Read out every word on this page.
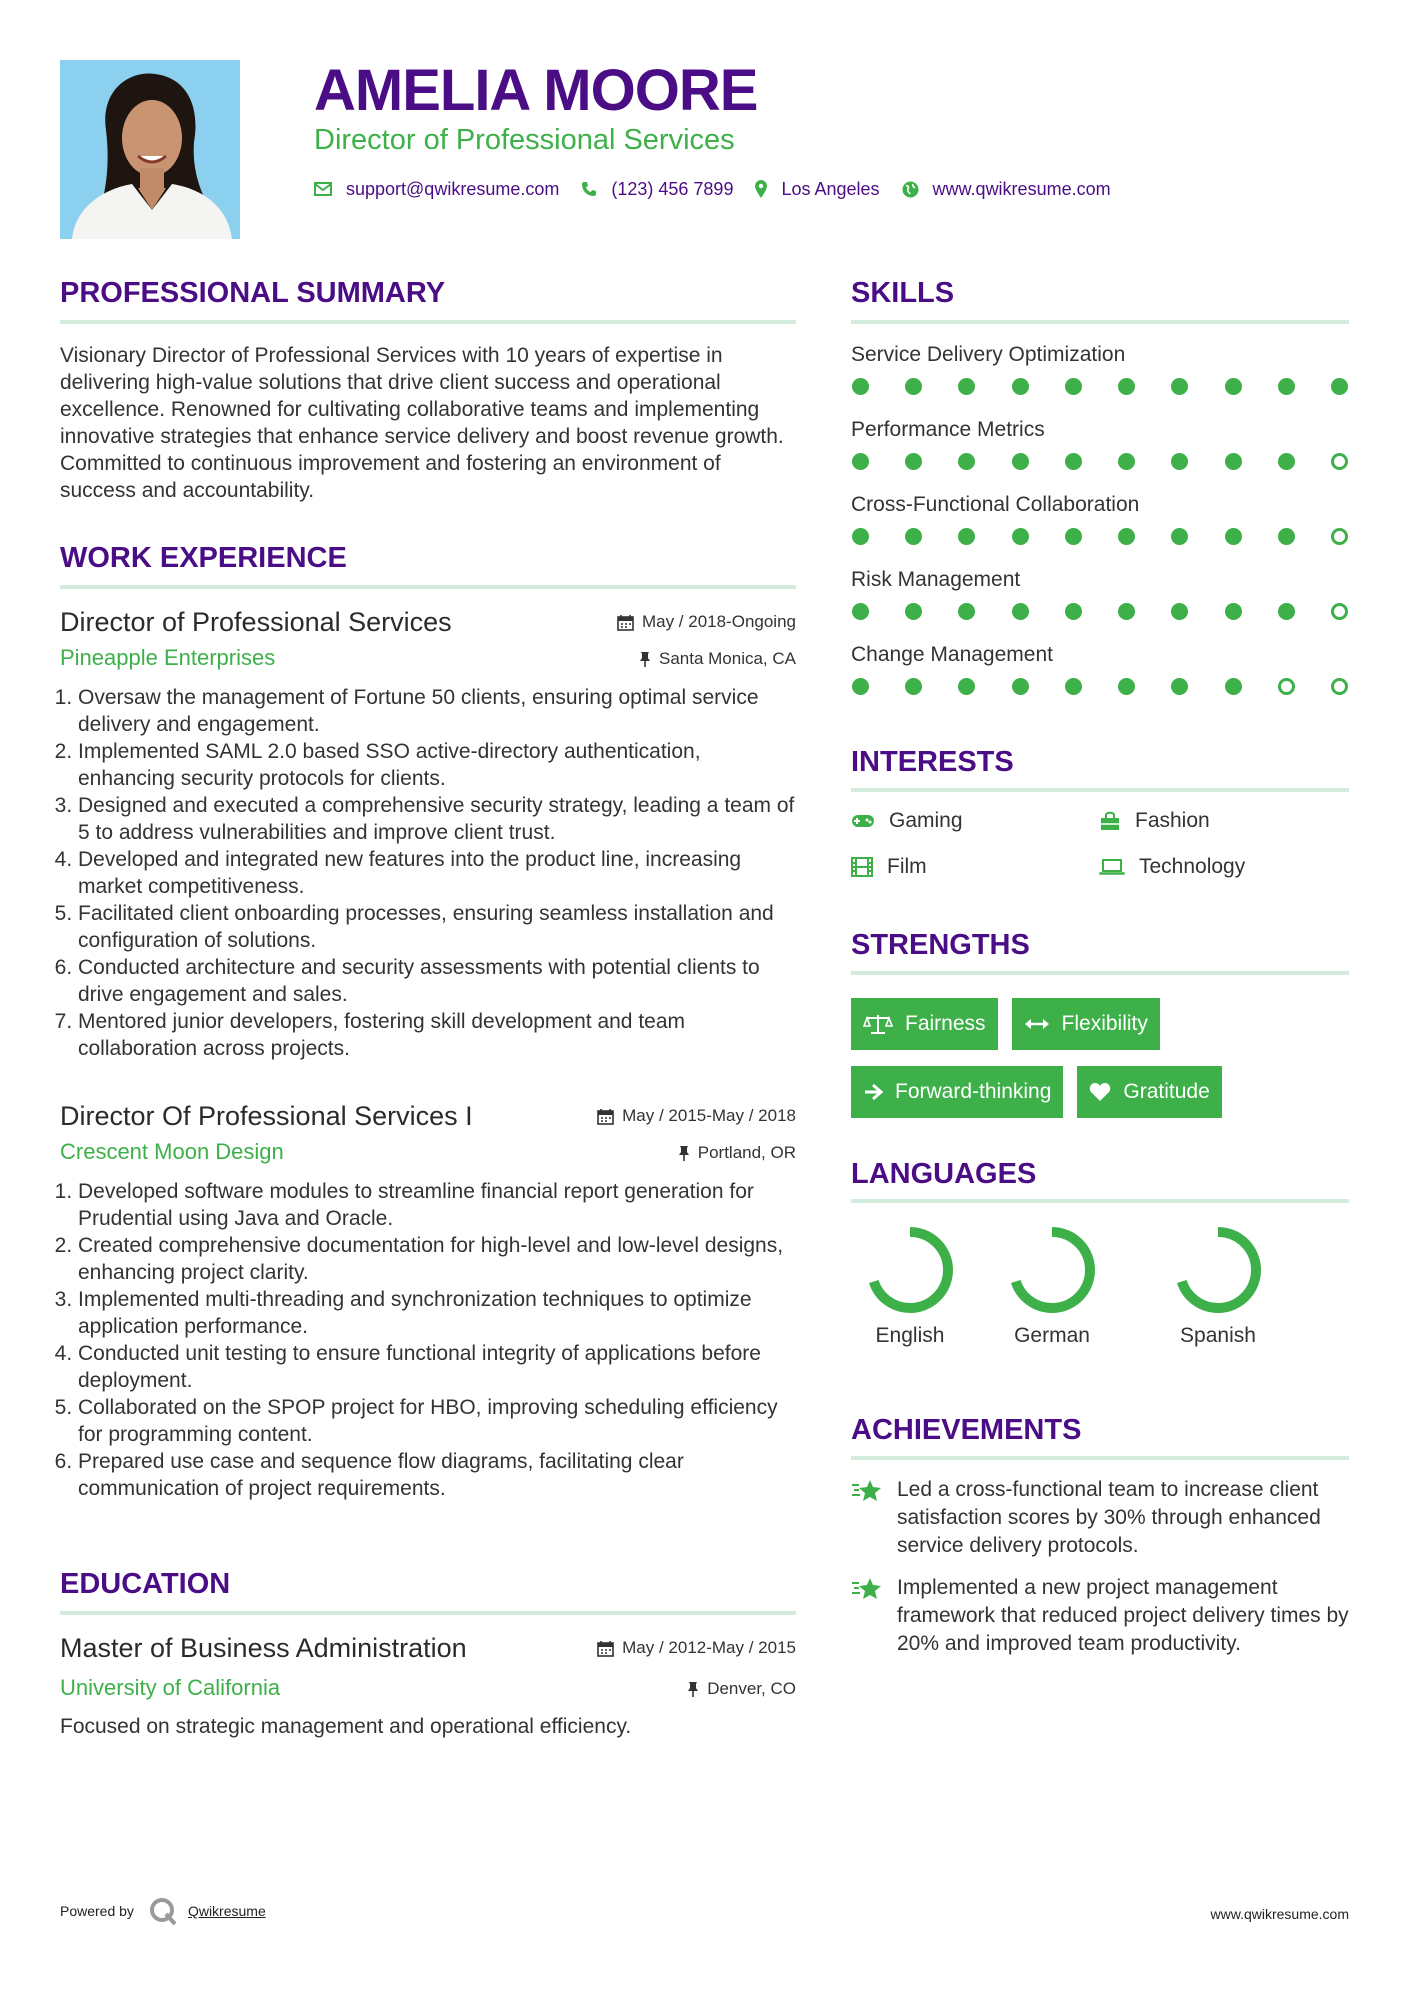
AMELIA MOORE
Director of Professional Services
support@qwikresume.com	(123) 456 7899	Los Angeles	www.qwikresume.com
PROFESSIONAL SUMMARY
Visionary Director of Professional Services with 10 years of expertise in delivering high-value solutions that drive client success and operational excellence. Renowned for cultivating collaborative teams and implementing innovative strategies that enhance service delivery and boost revenue growth. Committed to continuous improvement and fostering an environment of success and accountability.
WORK EXPERIENCE
Director of Professional Services	May / 2018-Ongoing
Pineapple Enterprises	Santa Monica, CA
1. Oversaw the management of Fortune 50 clients, ensuring optimal service delivery and engagement.
2. Implemented SAML 2.0 based SSO active-directory authentication, enhancing security protocols for clients.
3. Designed and executed a comprehensive security strategy, leading a team of 5 to address vulnerabilities and improve client trust.
4. Developed and integrated new features into the product line, increasing market competitiveness.
5. Facilitated client onboarding processes, ensuring seamless installation and configuration of solutions.
6. Conducted architecture and security assessments with potential clients to drive engagement and sales.
7. Mentored junior developers, fostering skill development and team collaboration across projects.
Director Of Professional Services I	May / 2015-May / 2018
Crescent Moon Design	Portland, OR
1. Developed software modules to streamline financial report generation for Prudential using Java and Oracle.
2. Created comprehensive documentation for high-level and low-level designs, enhancing project clarity.
3. Implemented multi-threading and synchronization techniques to optimize application performance.
4. Conducted unit testing to ensure functional integrity of applications before deployment.
5. Collaborated on the SPOP project for HBO, improving scheduling efficiency for programming content.
6. Prepared use case and sequence flow diagrams, facilitating clear communication of project requirements.
EDUCATION
Master of Business Administration	May / 2012-May / 2015
University of California	Denver, CO
Focused on strategic management and operational efficiency.
SKILLS
Service Delivery Optimization
Performance Metrics
Cross-Functional Collaboration
Risk Management
Change Management
INTERESTS
Gaming	Fashion
Film	Technology
STRENGTHS
Fairness	Flexibility
Forward-thinking	Gratitude
LANGUAGES
English	German	Spanish
ACHIEVEMENTS
Led a cross-functional team to increase client satisfaction scores by 30% through enhanced service delivery protocols.
Implemented a new project management framework that reduced project delivery times by 20% and improved team productivity.
Powered by	Qwikresume	www.qwikresume.com
